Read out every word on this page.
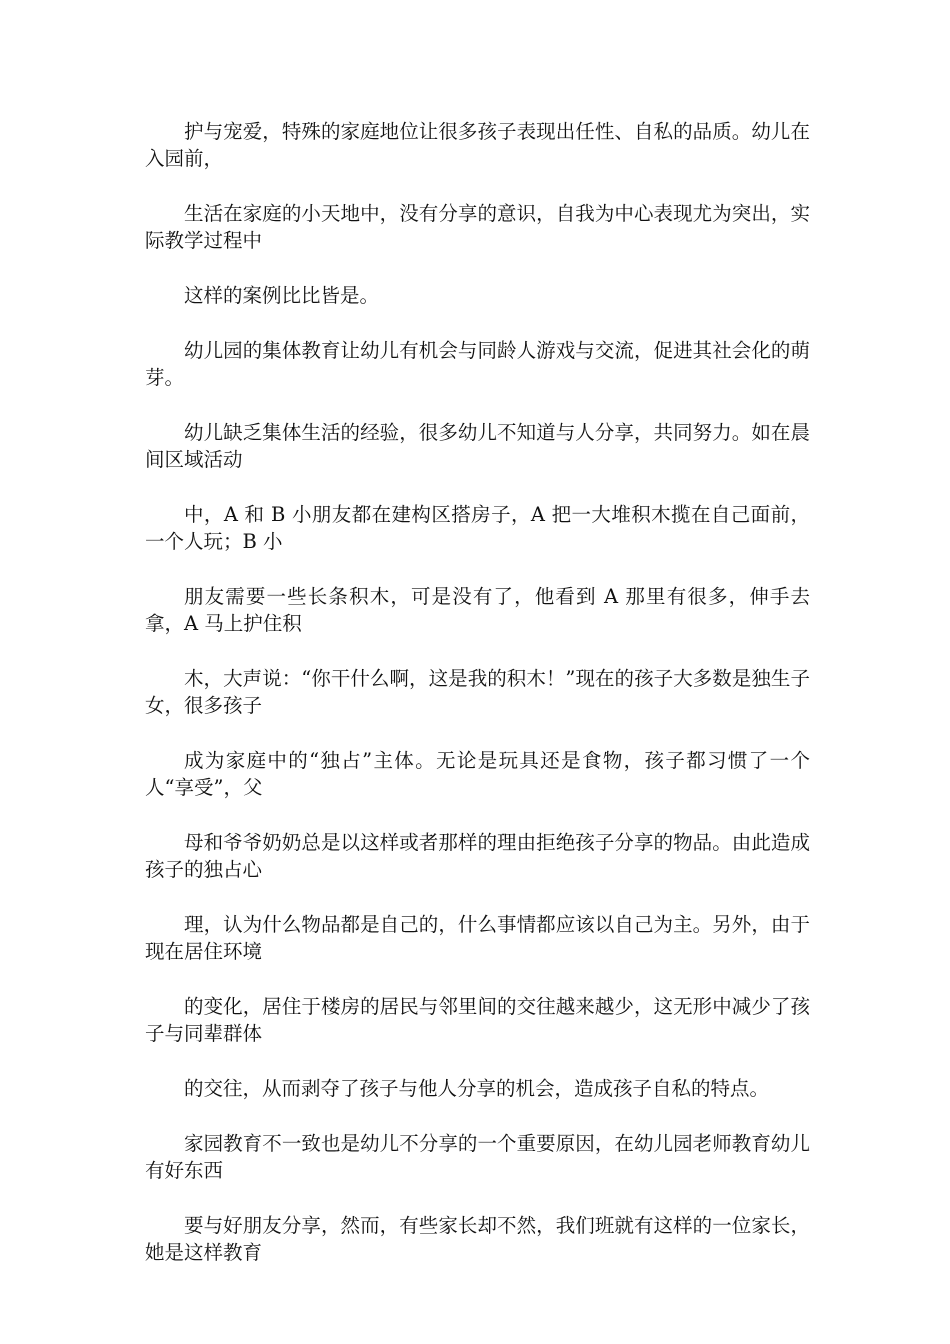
护与宠爱，特殊的家庭地位让很多孩子表现出任性、自私的品质。幼儿在入园前，

生活在家庭的小天地中，没有分享的意识，自我为中心表现尤为突出，实际教学过程中

这样的案例比比皆是。

幼儿园的集体教育让幼儿有机会与同龄人游戏与交流，促进其社会化的萌芽。

幼儿缺乏集体生活的经验，很多幼儿不知道与人分享，共同努力。如在晨间区域活动

中，A 和 B 小朋友都在建构区搭房子，A 把一大堆积木揽在自己面前，一个人玩；B 小

朋友需要一些长条积木，可是没有了，他看到 A 那里有很多，伸手去拿，A 马上护住积

木，大声说：“你干什么啊，这是我的积木！”现在的孩子大多数是独生子女，很多孩子

成为家庭中的“独占”主体。无论是玩具还是食物，孩子都习惯了一个人“享受”，父

母和爷爷奶奶总是以这样或者那样的理由拒绝孩子分享的物品。由此造成孩子的独占心

理，认为什么物品都是自己的，什么事情都应该以自己为主。另外，由于现在居住环境

的变化，居住于楼房的居民与邻里间的交往越来越少，这无形中减少了孩子与同辈群体

的交往，从而剥夺了孩子与他人分享的机会，造成孩子自私的特点。

家园教育不一致也是幼儿不分享的一个重要原因，在幼儿园老师教育幼儿有好东西

要与好朋友分享，然而，有些家长却不然，我们班就有这样的一位家长，她是这样教育
